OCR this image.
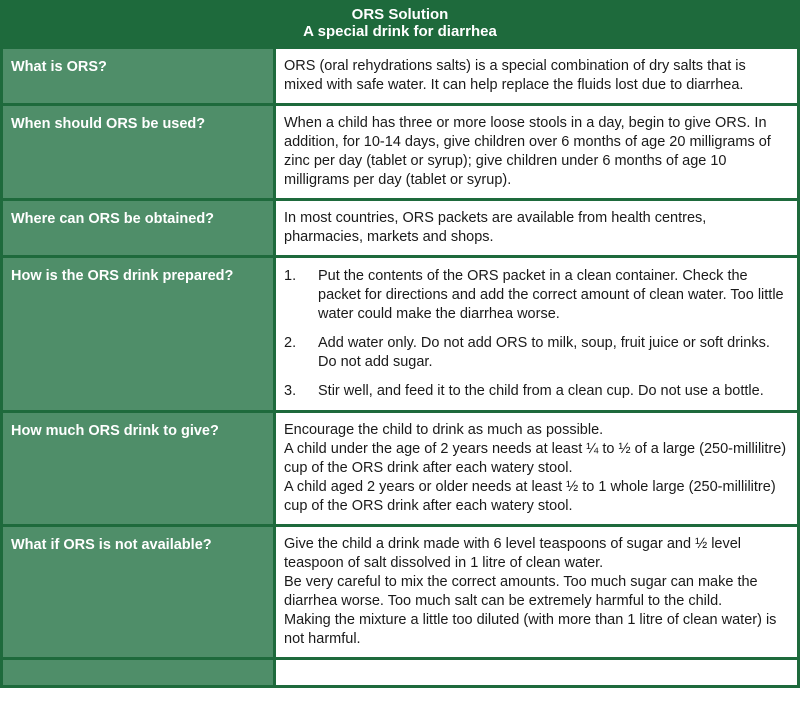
ORS Solution
A special drink for diarrhea
What is ORS?	ORS (oral rehydrations salts) is a special combination of dry salts that is mixed with safe water. It can help replace the fluids lost due to diarrhea.

When should ORS be used?	When a child has three or more loose stools in a day, begin to give ORS. In addition, for 10-14 days, give children over 6 months of age 20 milligrams of zinc per day (tablet or syrup); give children under 6 months of age 10 milligrams per day (tablet or syrup).

Where can ORS be obtained?	In most countries, ORS packets are available from health centres, pharmacies, markets and shops.

How is the ORS drink prepared?	1.	Put the contents of the ORS packet in a clean container. Check the packet for directions and add the correct amount of clean water. Too little water could make the diarrhea worse.
2.	Add water only. Do not add ORS to milk, soup, fruit juice or soft drinks. Do not add sugar.
3.	Stir well, and feed it to the child from a clean cup. Do not use a bottle.
How much ORS drink to give?	Encourage the child to drink as much as possible.

A child under the age of 2 years needs at least ¼ to ½ of a large (250-millilitre) cup of the ORS drink after each watery stool.

A child aged 2 years or older needs at least ½ to 1 whole large (250-millilitre) cup of the ORS drink after each watery stool.

What if ORS is not available?	Give the child a drink made with 6 level teaspoons of sugar and ½ level teaspoon of salt dissolved in 1 litre of clean water.

Be very careful to mix the correct amounts. Too much sugar can make the diarrhea worse. Too much salt can be extremely harmful to the child.

Making the mixture a little too diluted (with more than 1 litre of clean water) is not harmful.
